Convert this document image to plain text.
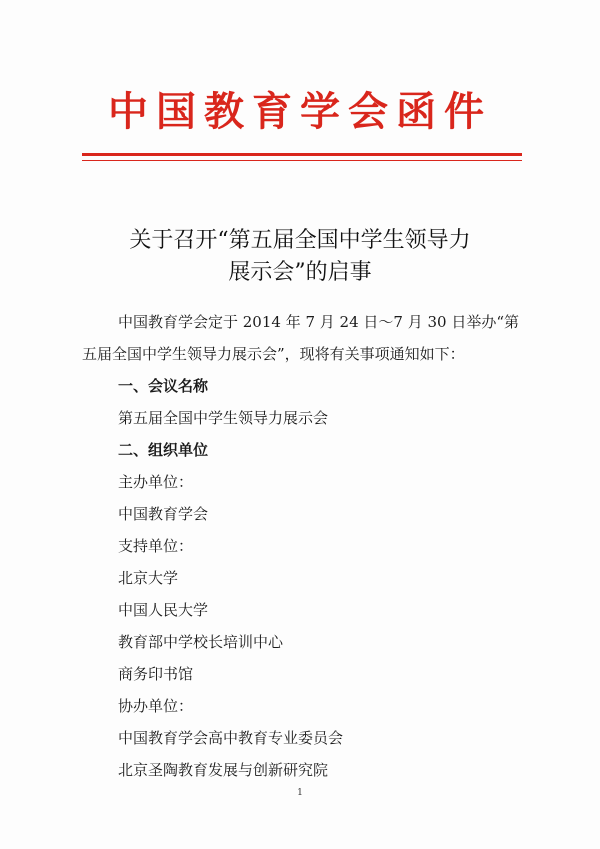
中国教育学会函件
关于召开“第五届全国中学生领导力
展示会”的启事
中国教育学会定于 2014 年 7 月 24 日～7 月 30 日举办“第
五届全国中学生领导力展示会”，现将有关事项通知如下：
一、会议名称
第五届全国中学生领导力展示会
二、组织单位
主办单位：
中国教育学会
支持单位：
北京大学
中国人民大学
教育部中学校长培训中心
商务印书馆
协办单位：
中国教育学会高中教育专业委员会
北京圣陶教育发展与创新研究院
1
